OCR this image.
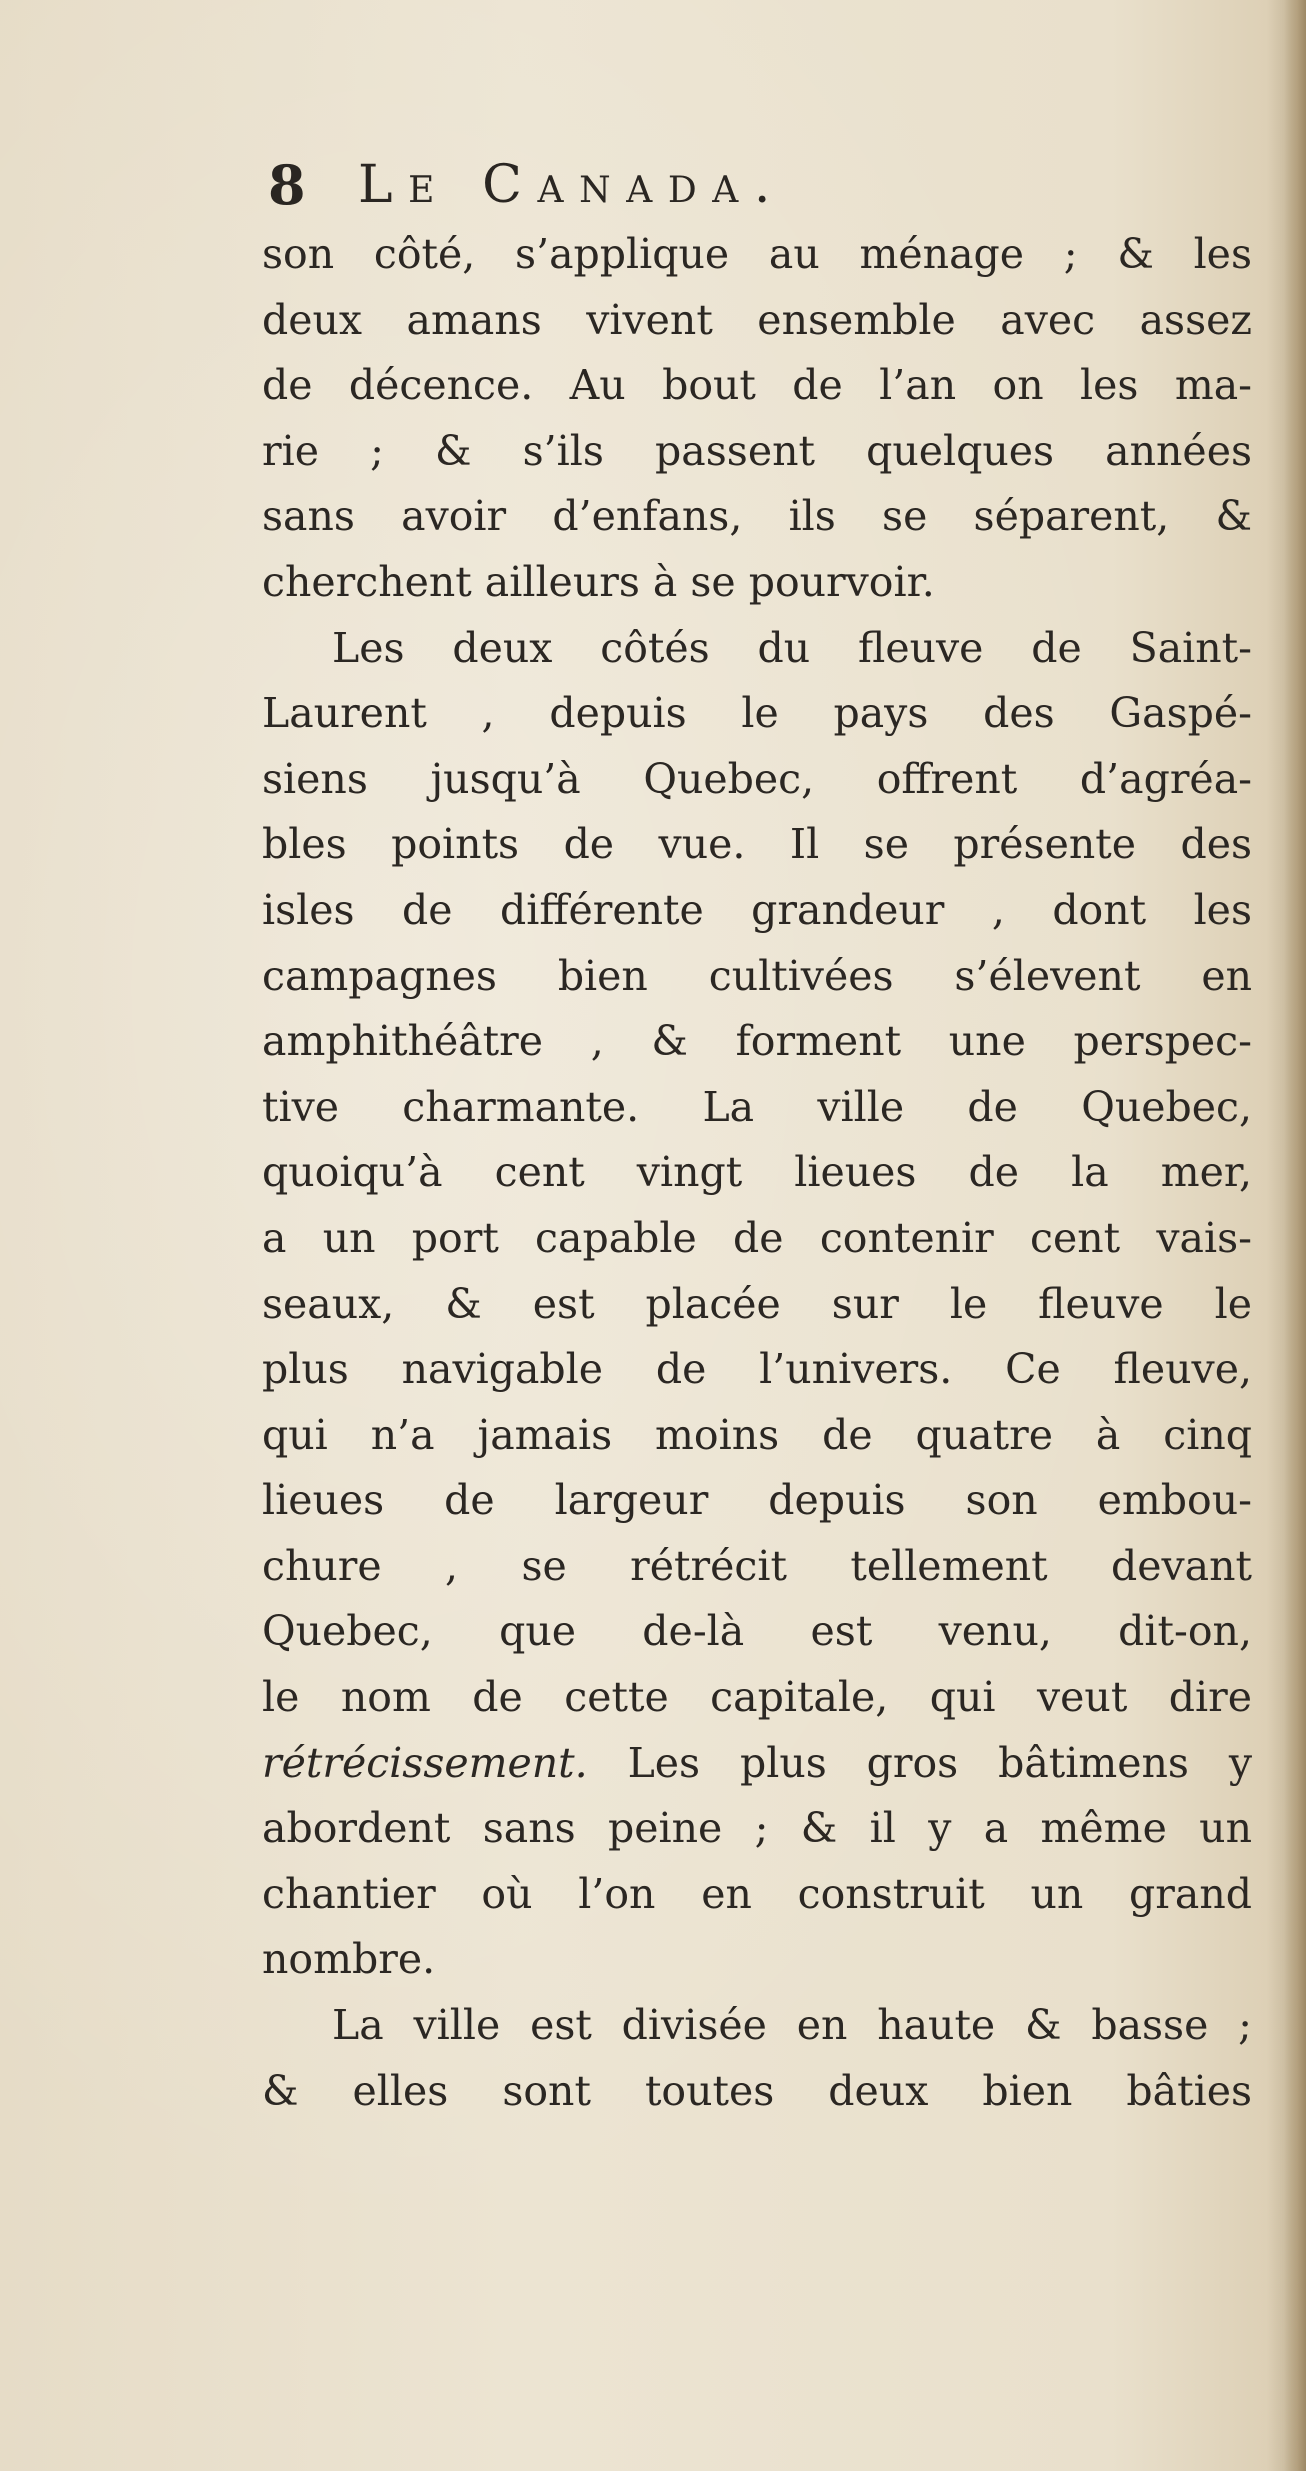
8 Le Canada.
son côté, s’applique au ménage ; & les
deux amans vivent ensemble avec assez
de décence. Au bout de l’an on les ma-
rie ; & s’ils passent quelques années
sans avoir d’enfans, ils se séparent, &
cherchent ailleurs à se pourvoir.
Les deux côtés du fleuve de Saint-
Laurent , depuis le pays des Gaspé-
siens jusqu’à Quebec, offrent d’agréa-
bles points de vue. Il se présente des
isles de différente grandeur , dont les
campagnes bien cultivées s’élevent en
amphithéâtre , & forment une perspec-
tive charmante. La ville de Quebec,
quoiqu’à cent vingt lieues de la mer,
a un port capable de contenir cent vais-
seaux, & est placée sur le fleuve le
plus navigable de l’univers. Ce fleuve,
qui n’a jamais moins de quatre à cinq
lieues de largeur depuis son embou-
chure , se rétrécit tellement devant
Quebec, que de-là est venu, dit-on,
le nom de cette capitale, qui veut dire
rétrécissement. Les plus gros bâtimens y
abordent sans peine ; & il y a même un
chantier où l’on en construit un grand
nombre.
La ville est divisée en haute & basse ;
& elles sont toutes deux bien bâties
